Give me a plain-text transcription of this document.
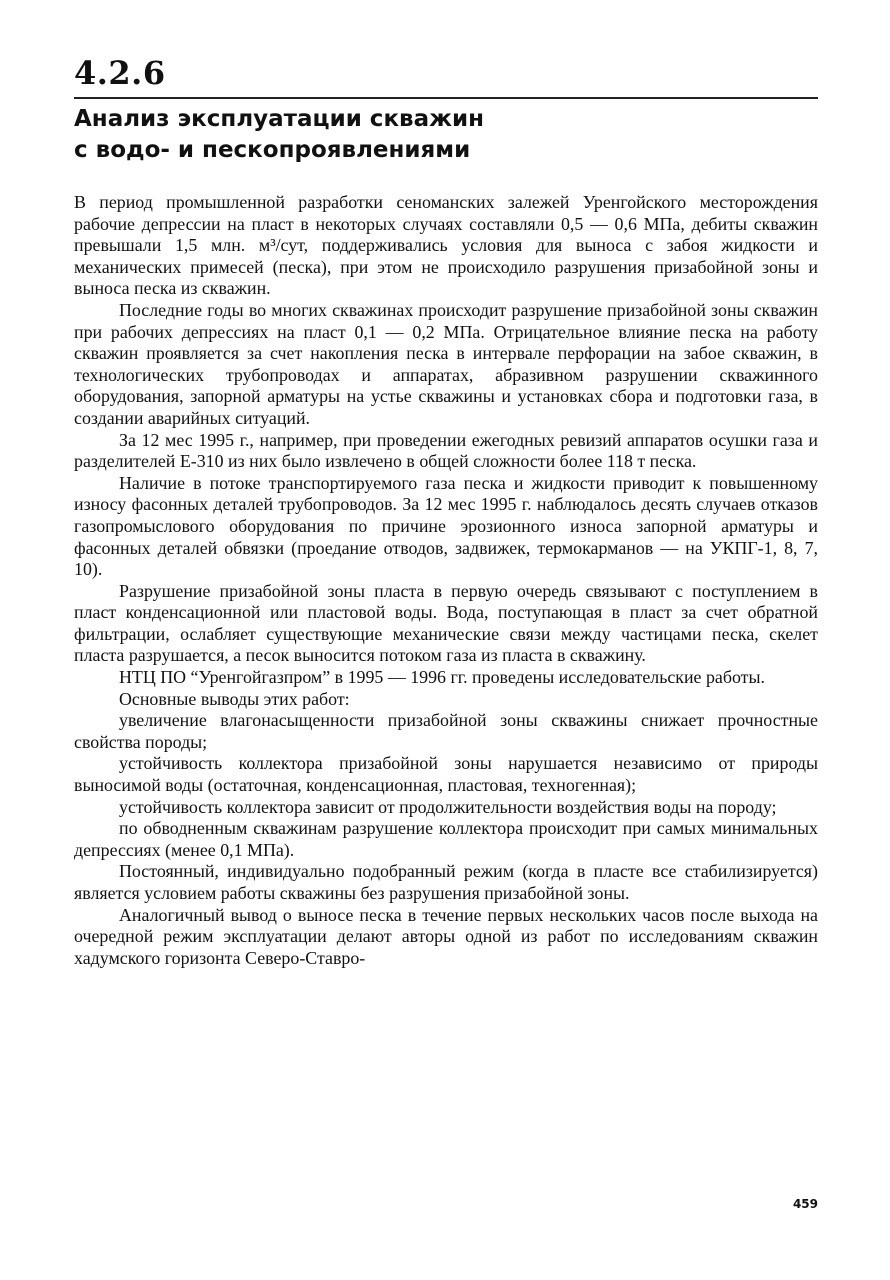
4.2.6
Анализ эксплуатации скважин
с водо- и пескопроявлениями

В период промышленной разработки сеноманских залежей Уренгойского месторождения рабочие депрессии на пласт в некоторых случаях составляли 0,5 — 0,6 МПа, дебиты скважин превышали 1,5 млн. м³/сут, поддерживались условия для выноса с забоя жидкости и механических примесей (песка), при этом не происходило разрушения призабойной зоны и выноса песка из скважин.

Последние годы во многих скважинах происходит разрушение призабойной зоны скважин при рабочих депрессиях на пласт 0,1 — 0,2 МПа. Отрицательное влияние песка на работу скважин проявляется за счет накопления песка в интервале перфорации на забое скважин, в технологических трубопроводах и аппаратах, абразивном разрушении скважинного оборудования, запорной арматуры на устье скважины и установках сбора и подготовки газа, в создании аварийных ситуаций.

За 12 мес 1995 г., например, при проведении ежегодных ревизий аппаратов осушки газа и разделителей Е-310 из них было извлечено в общей сложности более 118 т песка.

Наличие в потоке транспортируемого газа песка и жидкости приводит к повышенному износу фасонных деталей трубопроводов. За 12 мес 1995 г. наблюдалось десять случаев отказов газопромыслового оборудования по причине эрозионного износа запорной арматуры и фасонных деталей обвязки (проедание отводов, задвижек, термокарманов — на УКПГ-1, 8, 7, 10).

Разрушение призабойной зоны пласта в первую очередь связывают с поступлением в пласт конденсационной или пластовой воды. Вода, поступающая в пласт за счет обратной фильтрации, ослабляет существующие механические связи между частицами песка, скелет пласта разрушается, а песок выносится потоком газа из пласта в скважину.

НТЦ ПО “Уренгойгазпром” в 1995 — 1996 гг. проведены исследовательские работы.

Основные выводы этих работ:

увеличение влагонасыщенности призабойной зоны скважины снижает прочностные свойства породы;

устойчивость коллектора призабойной зоны нарушается независимо от природы выносимой воды (остаточная, конденсационная, пластовая, техногенная);

устойчивость коллектора зависит от продолжительности воздействия воды на породу;

по обводненным скважинам разрушение коллектора происходит при самых минимальных депрессиях (менее 0,1 МПа).

Постоянный, индивидуально подобранный режим (когда в пласте все стабилизируется) является условием работы скважины без разрушения призабойной зоны.

Аналогичный вывод о выносе песка в течение первых нескольких часов после выхода на очередной режим эксплуатации делают авторы одной из работ по исследованиям скважин хадумского горизонта Северо-Ставро-

459
